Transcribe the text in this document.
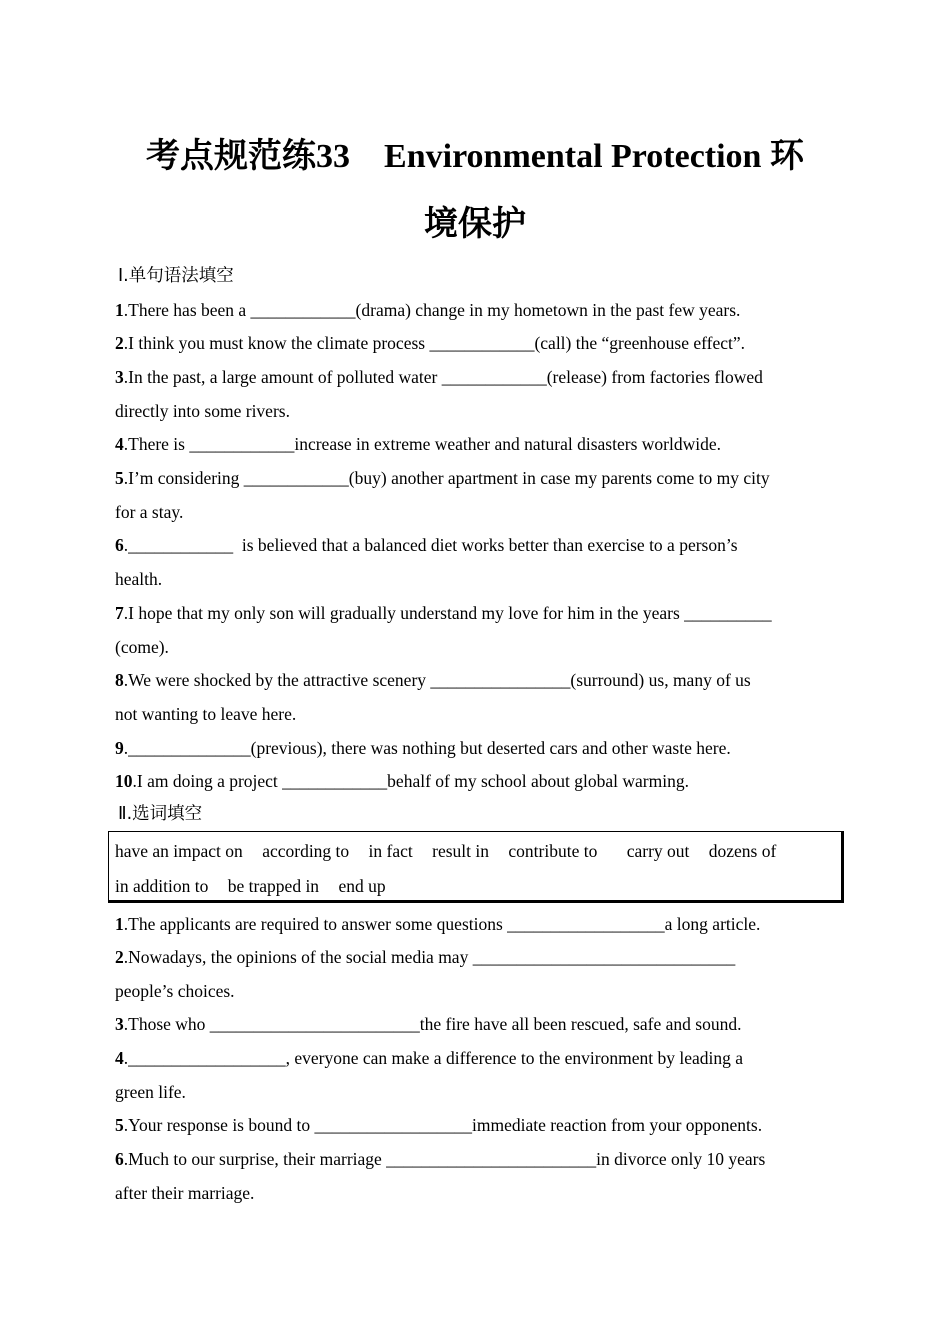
考点规范练33 Environmental Protection 环
境保护
Ⅰ.单句语法填空
1.There has been a ____________(drama) change in my hometown in the past few years.
2.I think you must know the climate process ____________(call) the “greenhouse effect”.
3.In the past, a large amount of polluted water ____________(release) from factories flowed
directly into some rivers.
4.There is ____________increase in extreme weather and natural disasters worldwide.
5.I’m considering ____________(buy) another apartment in case my parents come to my city
for a stay.
6.____________  is believed that a balanced diet works better than exercise to a person’s
health.
7.I hope that my only son will gradually understand my love for him in the years __________
(come).
8.We were shocked by the attractive scenery ________________(surround) us, many of us
not wanting to leave here.
9.______________(previous), there was nothing but deserted cars and other waste here.
10.I am doing a project ____________behalf of my school about global warming.
Ⅱ.选词填空
have an impact on according to in fact result in contribute to carry out dozens of
in addition to be trapped in end up
1.The applicants are required to answer some questions __________________a long article.
2.Nowadays, the opinions of the social media may ______________________________
people’s choices.
3.Those who ________________________the fire have all been rescued, safe and sound.
4.__________________, everyone can make a difference to the environment by leading a
green life.
5.Your response is bound to __________________immediate reaction from your opponents.
6.Much to our surprise, their marriage ________________________in divorce only 10 years
after their marriage.
